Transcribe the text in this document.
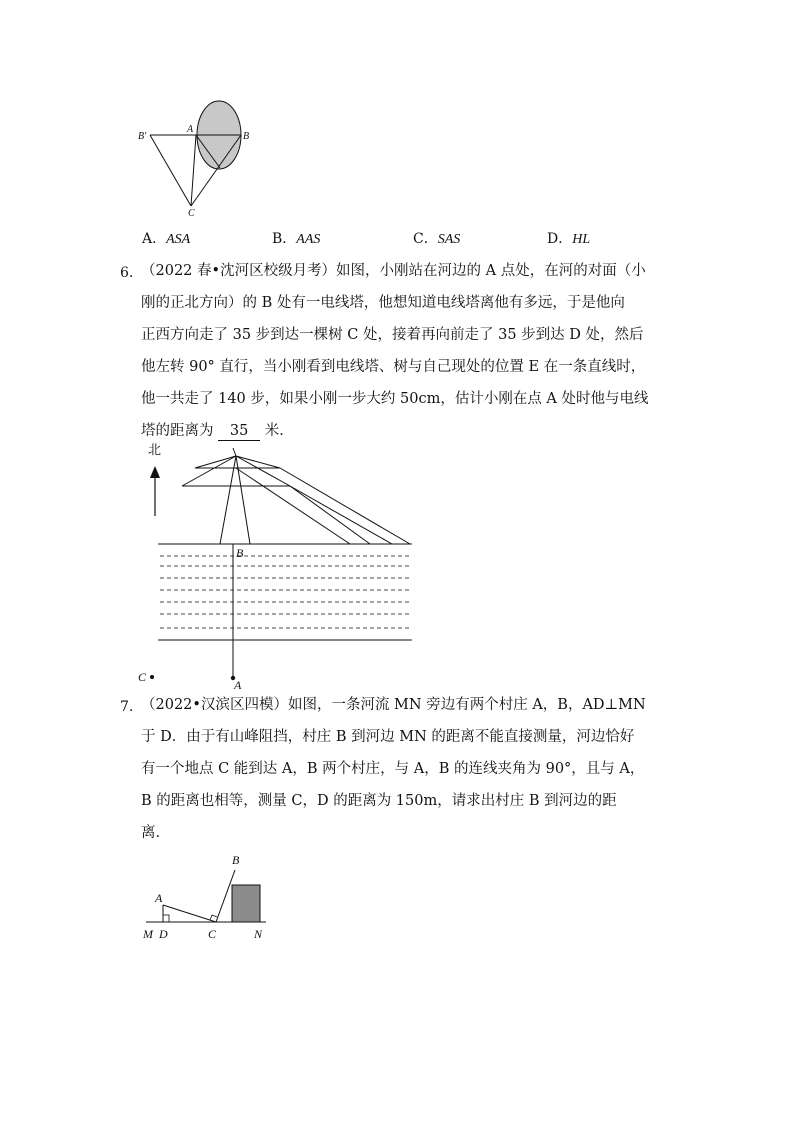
B'
A
B
C
A．ASA	B．AAS	C．SAS	D．HL
6. （2022 春•沈河区校级月考）如图，小刚站在河边的 A 点处，在河的对面（小
刚的正北方向）的 B 处有一电线塔，他想知道电线塔离他有多远，于是他向
正西方向走了 35 步到达一棵树 C 处，接着再向前走了 35 步到达 D 处，然后
他左转 90° 直行，当小刚看到电线塔、树与自己现处的位置 E 在一条直线时，
他一共走了 140 步，如果小刚一步大约 50cm，估计小刚在点 A 处时他与电线
塔的距离为 35 米．
北
B
C
A
7. （2022•汉滨区四模）如图，一条河流 MN 旁边有两个村庄 A，B，AD⊥MN
于 D．由于有山峰阻挡，村庄 B 到河边 MN 的距离不能直接测量，河边恰好
有一个地点 C 能到达 A，B 两个村庄，与 A，B 的连线夹角为 90°，且与 A，
B 的距离也相等，测量 C，D 的距离为 150m，请求出村庄 B 到河边的距
离．
B
A
M D	C	N
